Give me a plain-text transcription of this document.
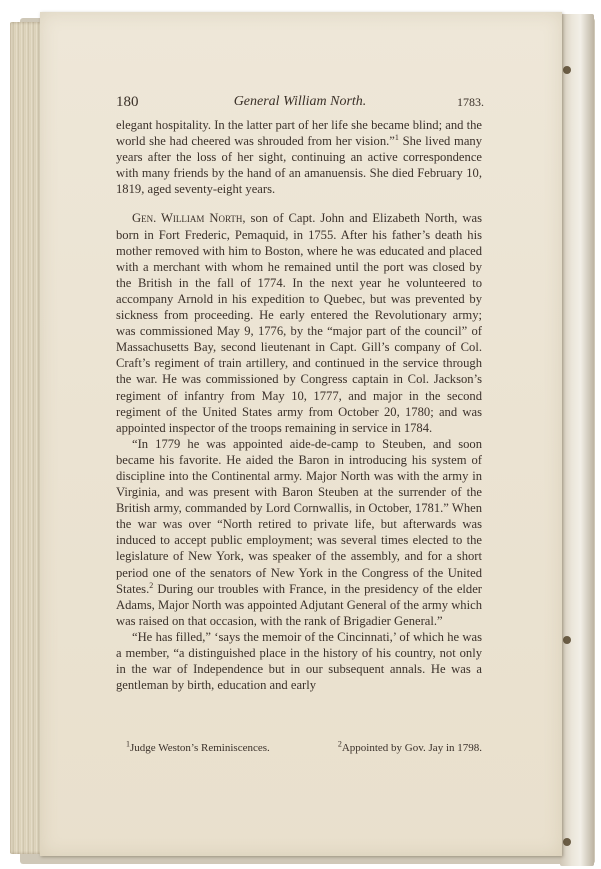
180	General William North.	1783.

elegant hospitality. In the latter part of her life she became blind; and the world she had cheered was shrouded from her vision.”$^1$ She lived many years after the loss of her sight, continuing an active correspondence with many friends by the hand of an amanuensis. She died February 10, 1819, aged seventy-eight years.

Gen. William North, son of Capt. John and Elizabeth North, was born in Fort Frederic, Pemaquid, in 1755. After his father’s death his mother removed with him to Boston, where he was educated and placed with a merchant with whom he remained until the port was closed by the British in the fall of 1774. In the next year he volunteered to accompany Arnold in his expedition to Quebec, but was prevented by sickness from proceeding. He early entered the Revolutionary army; was commissioned May 9, 1776, by the “major part of the council” of Massachusetts Bay, second lieutenant in Capt. Gill’s company of Col. Craft’s regiment of train artillery, and continued in the service through the war. He was commissioned by Congress captain in Col. Jackson’s regiment of infantry from May 10, 1777, and major in the second regiment of the United States army from October 20, 1780; and was appointed inspector of the troops remaining in service in 1784.

“In 1779 he was appointed aide-de-camp to Steuben, and soon became his favorite. He aided the Baron in introducing his system of discipline into the Continental army. Major North was with the army in Virginia, and was present with Baron Steuben at the surrender of the British army, commanded by Lord Cornwallis, in October, 1781.” When the war was over “North retired to private life, but afterwards was induced to accept public employment; was several times elected to the legislature of New York, was speaker of the assembly, and for a short period one of the senators of New York in the Congress of the United States.$^2$ During our troubles with France, in the presidency of the elder Adams, Major North was appointed Adjutant General of the army which was raised on that occasion, with the rank of Brigadier General.”

“He has filled,” ‘says the memoir of the Cincinnati,’ of which he was a member, “a distinguished place in the history of his country, not only in the war of Independence but in our subsequent annals. He was a gentleman by birth, education and early

$^1$Judge Weston’s Reminiscences.	$^2$Appointed by Gov. Jay in 1798.
